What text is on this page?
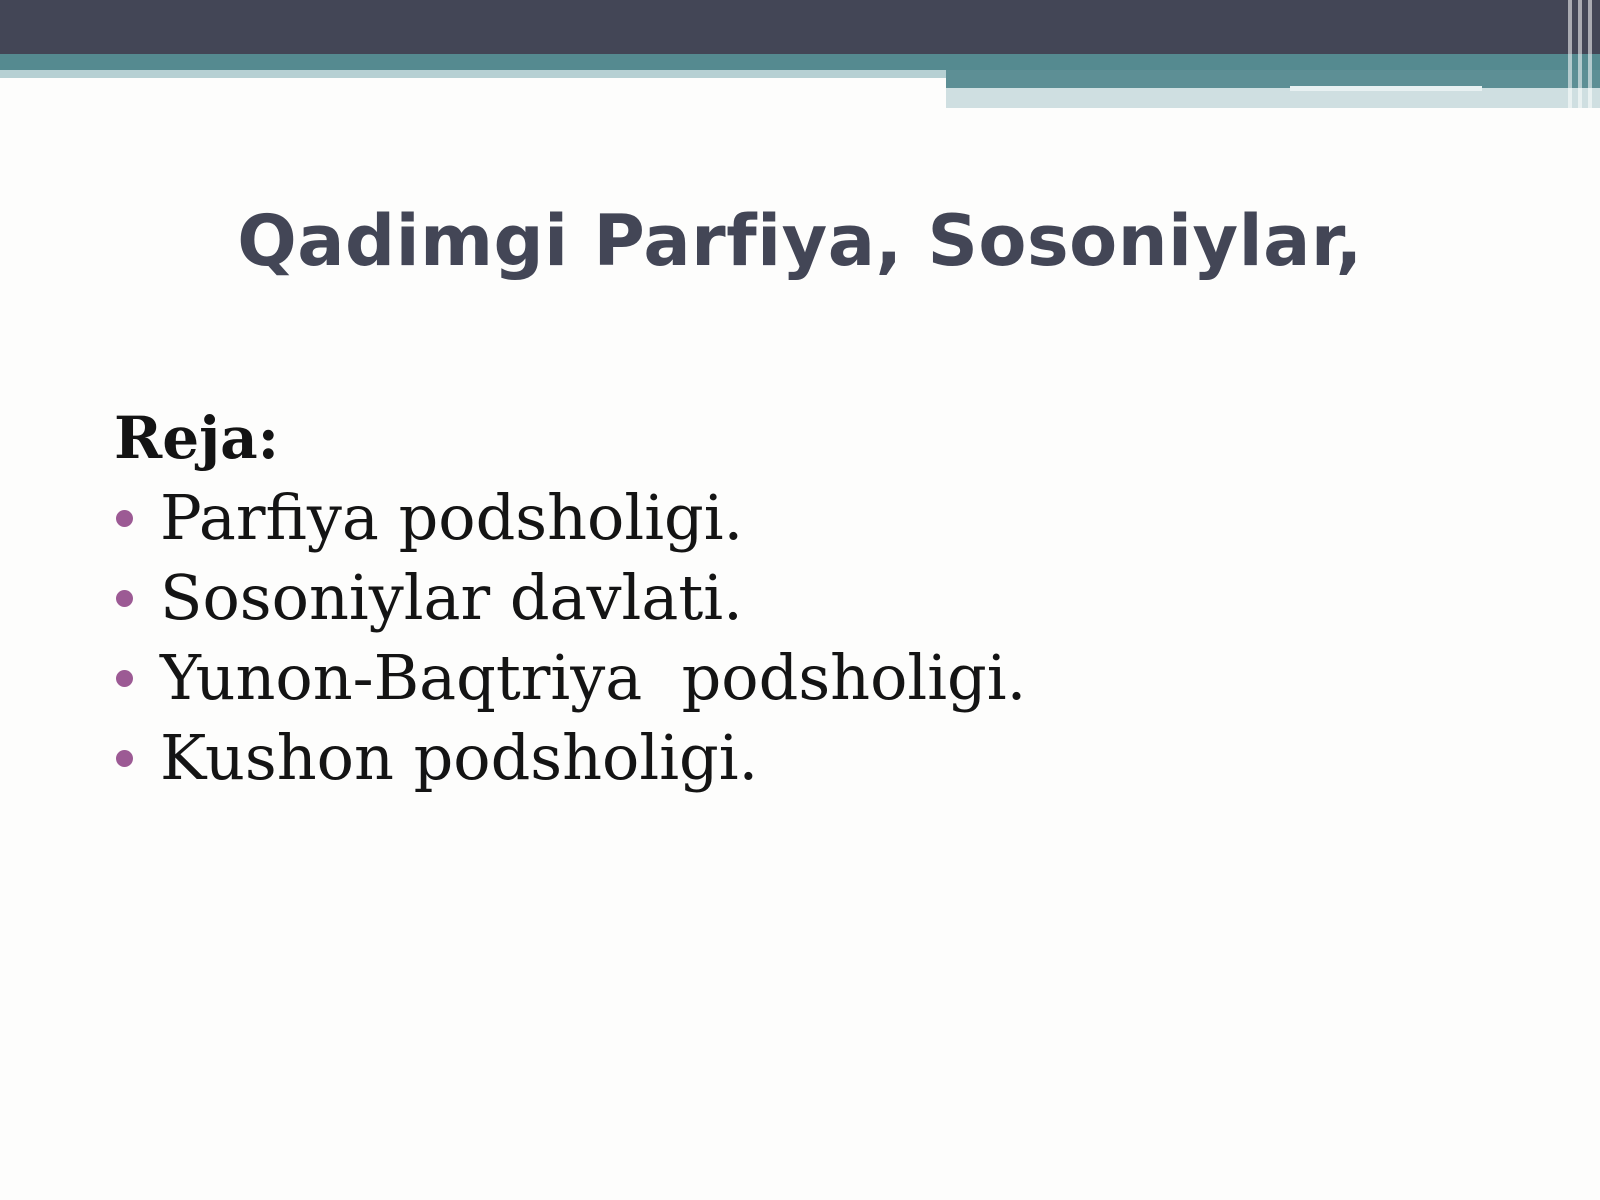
Qadimgi Parfiya, Sosoniylar,

Reja:

Parfiya podsholigi.
Sosoniylar davlati.
Yunon-Baqtriya  podsholigi.
Kushon podsholigi.
